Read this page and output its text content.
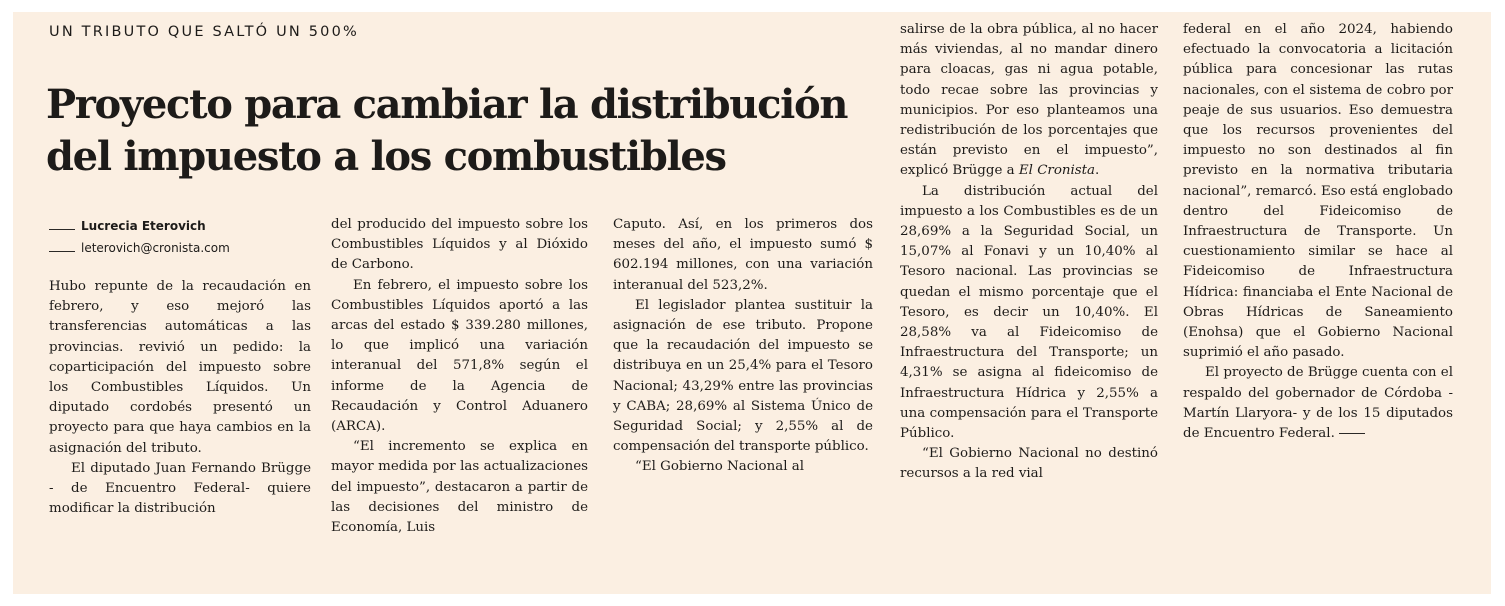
UN TRIBUTO QUE SALTÓ UN 500%
Proyecto para cambiar la distribución
del impuesto a los combustibles
Lucrecia Eterovich
leterovich@cronista.com

Hubo repunte de la recaudación en febrero, y eso mejoró las transferencias automáticas a las provincias. revivió un pedido: la coparticipación del impuesto sobre los Combustibles Líquidos. Un diputado cordobés presentó un proyecto para que haya cambios en la asignación del tributo.

El diputado Juan Fernando Brügge - de Encuentro Federal- quiere modificar la distribución

del producido del impuesto sobre los Combustibles Líquidos y al Dióxido de Carbono.

En febrero, el impuesto sobre los Combustibles Líquidos aportó a las arcas del estado $ 339.280 millones, lo que implicó una variación interanual del 571,8% según el informe de la Agencia de Recaudación y Control Aduanero (ARCA).

“El incremento se explica en mayor medida por las actualizaciones del impuesto”, destacaron a partir de las decisiones del ministro de Economía, Luis

Caputo. Así, en los primeros dos meses del año, el impuesto sumó $ 602.194 millones, con una variación interanual del 523,2%.

El legislador plantea sustituir la asignación de ese tributo. Propone que la recaudación del impuesto se distribuya en un 25,4% para el Tesoro Nacional; 43,29% entre las provincias y CABA; 28,69% al Sistema Único de Seguridad Social; y 2,55% al de compensación del transporte público.

“El Gobierno Nacional al

salirse de la obra pública, al no hacer más viviendas, al no mandar dinero para cloacas, gas ni agua potable, todo recae sobre las provincias y municipios. Por eso planteamos una redistribución de los porcentajes que están previsto en el impuesto”, explicó Brügge a El Cronista.

La distribución actual del impuesto a los Combustibles es de un 28,69% a la Seguridad Social, un 15,07% al Fonavi y un 10,40% al Tesoro nacional. Las provincias se quedan el mismo porcentaje que el Tesoro, es decir un 10,40%. El 28,58% va al Fideicomiso de Infraestructura del Transporte; un 4,31% se asigna al fideicomiso de Infraestructura Hídrica y 2,55% a una compensación para el Transporte Público.

“El Gobierno Nacional no destinó recursos a la red vial

federal en el año 2024, habiendo efectuado la convocatoria a licitación pública para concesionar las rutas nacionales, con el sistema de cobro por peaje de sus usuarios. Eso demuestra que los recursos provenientes del impuesto no son destinados al fin previsto en la normativa tributaria nacional”, remarcó. Eso está englobado dentro del Fideicomiso de Infraestructura de Transporte. Un cuestionamiento similar se hace al Fideicomiso de Infraestructura Hídrica: financiaba el Ente Nacional de Obras Hídricas de Saneamiento (Enohsa) que el Gobierno Nacional suprimió el año pasado.

El proyecto de Brügge cuenta con el respaldo del gobernador de Córdoba -Martín Llaryora- y de los 15 diputados de Encuentro Federal.
